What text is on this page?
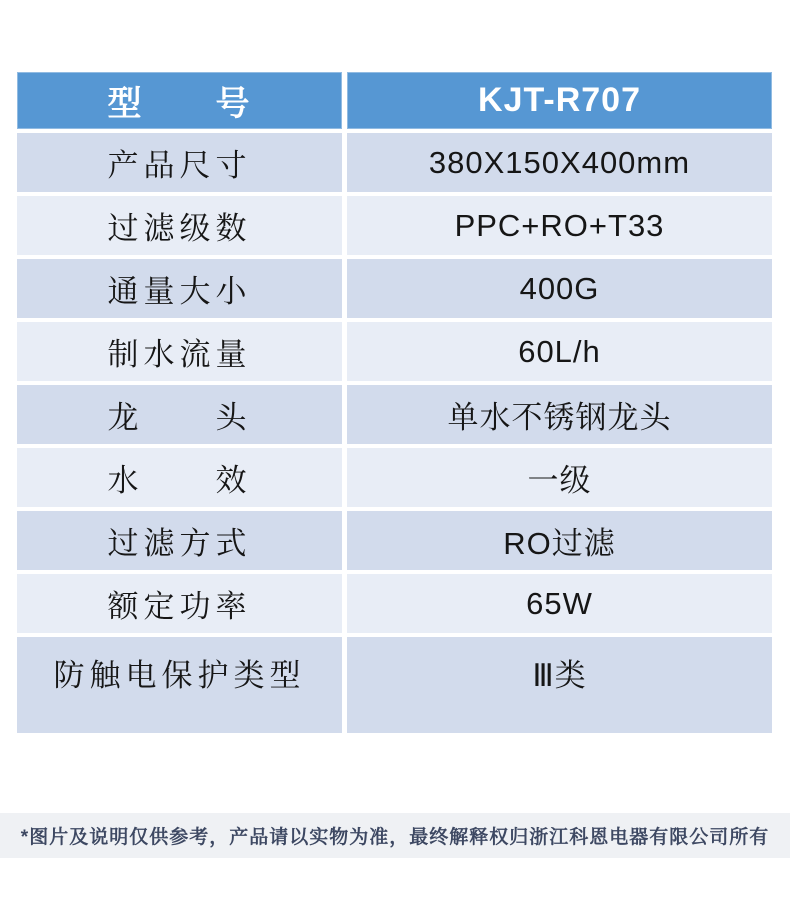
型　　号	KJT-R707
产品尺寸	380X150X400mm
过滤级数	PPC+RO+T33
通量大小	400G
制水流量	60L/h
龙　　头	单水不锈钢龙头
水　　效	一级
过滤方式	RO过滤
额定功率	65W
防触电保护类型	Ⅲ类
*图片及说明仅供参考，产品请以实物为准，最终解释权归浙江科恩电器有限公司所有
